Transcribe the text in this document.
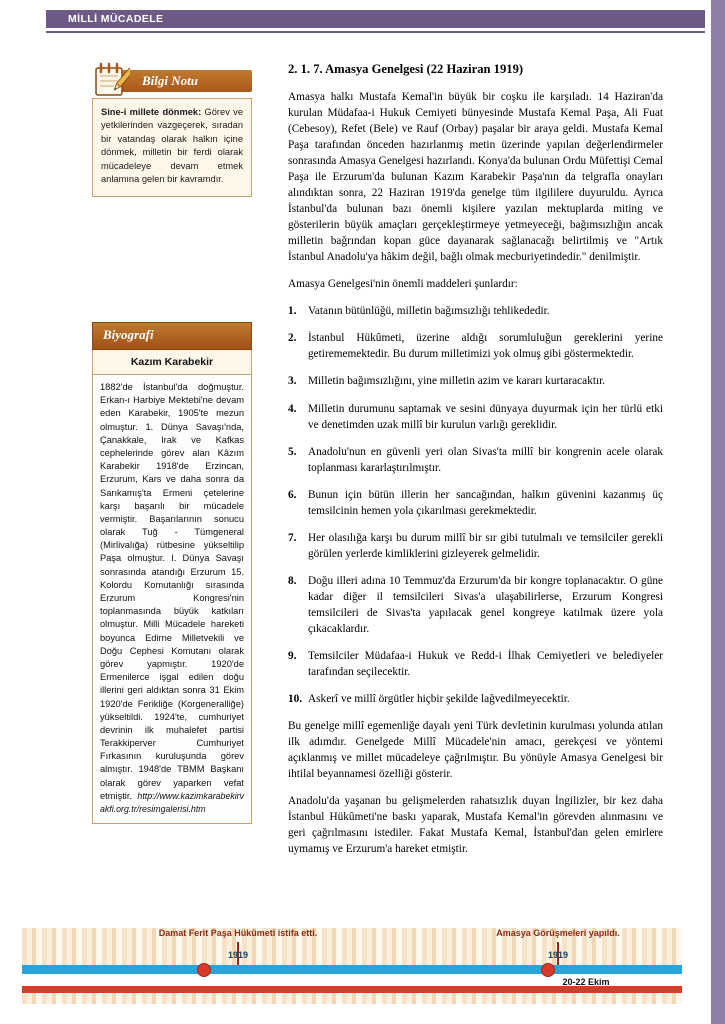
MİLLİ MÜCADELE
Bilgi Notu
Sine-i millete dönmek: Görev ve yetkilerinden vazgeçerek, sıradan bir vatandaş olarak halkın içine dönmek, milletin bir ferdi olarak mücadeleye devam etmek anlamına gelen bir kavramdır.
Biyografi
Kazım Karabekir
1882'de İstanbul'da doğmuştur. Erkan-ı Harbiye Mektebi'ne devam eden Karabekir, 1905'te mezun olmuştur. 1. Dünya Savaşı'nda, Çanakkale, Irak ve Kafkas cephelerinde görev alan Kâzım Karabekir 1918'de Erzincan, Erzurum, Kars ve daha sonra da Sarıkamış'ta Ermeni çetelerine karşı başarılı bir mücadele vermiştir. Başarılarının sonucu olarak Tuğ - Tümgeneral (Mirlivalığa) rütbesine yükseltilip Paşa olmuştur. I. Dünya Savaşı sonrasında atandığı Erzurum 15. Kolordu Komutanlığı sırasında Erzurum Kongresi'nin toplanmasında büyük katkıları olmuştur. Milli Mücadele hareketi boyunca Edirne Milletvekili ve Doğu Cephesi Komutanı olarak görev yapmıştır. 1920'de Ermenilerce işgal edilen doğu illerini geri aldıktan sonra 31 Ekim 1920'de Ferikliğe (Korgeneralliğe) yükseltildi. 1924'te, cumhuriyet devrinin ilk muhalefet partisi Terakkiperver Cumhuriyet Fırkasının kuruluşunda görev almıştır. 1948'de TBMM Başkanı olarak görev yaparken vefat etmiştir. http://www.kazimkarabekirvakfi.org.tr/resimgalerisi.htm
2. 1. 7. Amasya Genelgesi (22 Haziran 1919)

Amasya halkı Mustafa Kemal'in büyük bir coşku ile karşıladı. 14 Haziran'da kurulan Müdafaa-i Hukuk Cemiyeti bünyesinde Mustafa Kemal Paşa, Ali Fuat (Cebesoy), Refet (Bele) ve Rauf (Orbay) paşalar bir araya geldi. Mustafa Kemal Paşa tarafından önceden hazırlanmış metin üzerinde yapılan değerlendirmeler sonrasında Amasya Genelgesi hazırlandı. Konya'da bulunan Ordu Müfettişi Cemal Paşa ile Erzurum'da bulunan Kazım Karabekir Paşa'nın da telgrafla onayları alındıktan sonra, 22 Haziran 1919'da genelge tüm ilgililere duyuruldu. Ayrıca İstanbul'da bulunan bazı önemli kişilere yazılan mektuplarda miting ve gösterilerin büyük amaçları gerçekleştirmeye yetmeyeceği, bağımsızlığın ancak milletin bağrından kopan güce dayanarak sağlanacağı belirtilmiş ve "Artık İstanbul Anadolu'ya hâkim değil, bağlı olmak mecburiyetindedir." denilmiştir.

Amasya Genelgesi'nin önemli maddeleri şunlardır:

1. Vatanın bütünlüğü, milletin bağımsızlığı tehlikededir.
2. İstanbul Hükûmeti, üzerine aldığı sorumluluğun gereklerini yerine getirememektedir. Bu durum milletimizi yok olmuş gibi göstermektedir.
3. Milletin bağımsızlığını, yine milletin azim ve kararı kurtaracaktır.
4. Milletin durumunu saptamak ve sesini dünyaya duyurmak için her türlü etki ve denetimden uzak millî bir kurulun varlığı gereklidir.
5. Anadolu'nun en güvenli yeri olan Sivas'ta millî bir kongrenin acele olarak toplanması kararlaştırılmıştır.
6. Bunun için bütün illerin her sancağından, halkın güvenini kazanmış üç temsilcinin hemen yola çıkarılması gerekmektedir.
7. Her olasılığa karşı bu durum millî bir sır gibi tutulmalı ve temsilciler gerekli görülen yerlerde kimliklerini gizleyerek gelmelidir.
8. Doğu illeri adına 10 Temmuz'da Erzurum'da bir kongre toplanacaktır. O güne kadar diğer il temsilcileri Sivas'a ulaşabilirlerse, Erzurum Kongresi temsilcileri de Sivas'ta yapılacak genel kongreye katılmak üzere yola çıkacaklardır.
9. Temsilciler Müdafaa-i Hukuk ve Redd-i İlhak Cemiyetleri ve belediyeler tarafından seçilecektir.
10. Askerî ve millî örgütler hiçbir şekilde lağvedilmeyecektir.

Bu genelge millî egemenliğe dayalı yeni Türk devletinin kurulması yolunda atılan ilk adımdır. Genelgede Millî Mücadele'nin amacı, gerekçesi ve yöntemi açıklanmış ve millet mücadeleye çağrılmıştır. Bu yönüyle Amasya Genelgesi bir ihtilal beyannamesi özelliği gösterir.

Anadolu'da yaşanan bu gelişmelerden rahatsızlık duyan İngilizler, bir kez daha İstanbul Hükûmeti'ne baskı yaparak, Mustafa Kemal'in görevden alınmasını ve geri çağrılmasını istediler. Fakat Mustafa Kemal, İstanbul'dan gelen emirlere uymamış ve Erzurum'a hareket etmiştir.

Damat Ferit Paşa Hükûmeti istifa etti.
1919
Amasya Görüşmeleri yapıldı.
1919
20-22 Ekim
